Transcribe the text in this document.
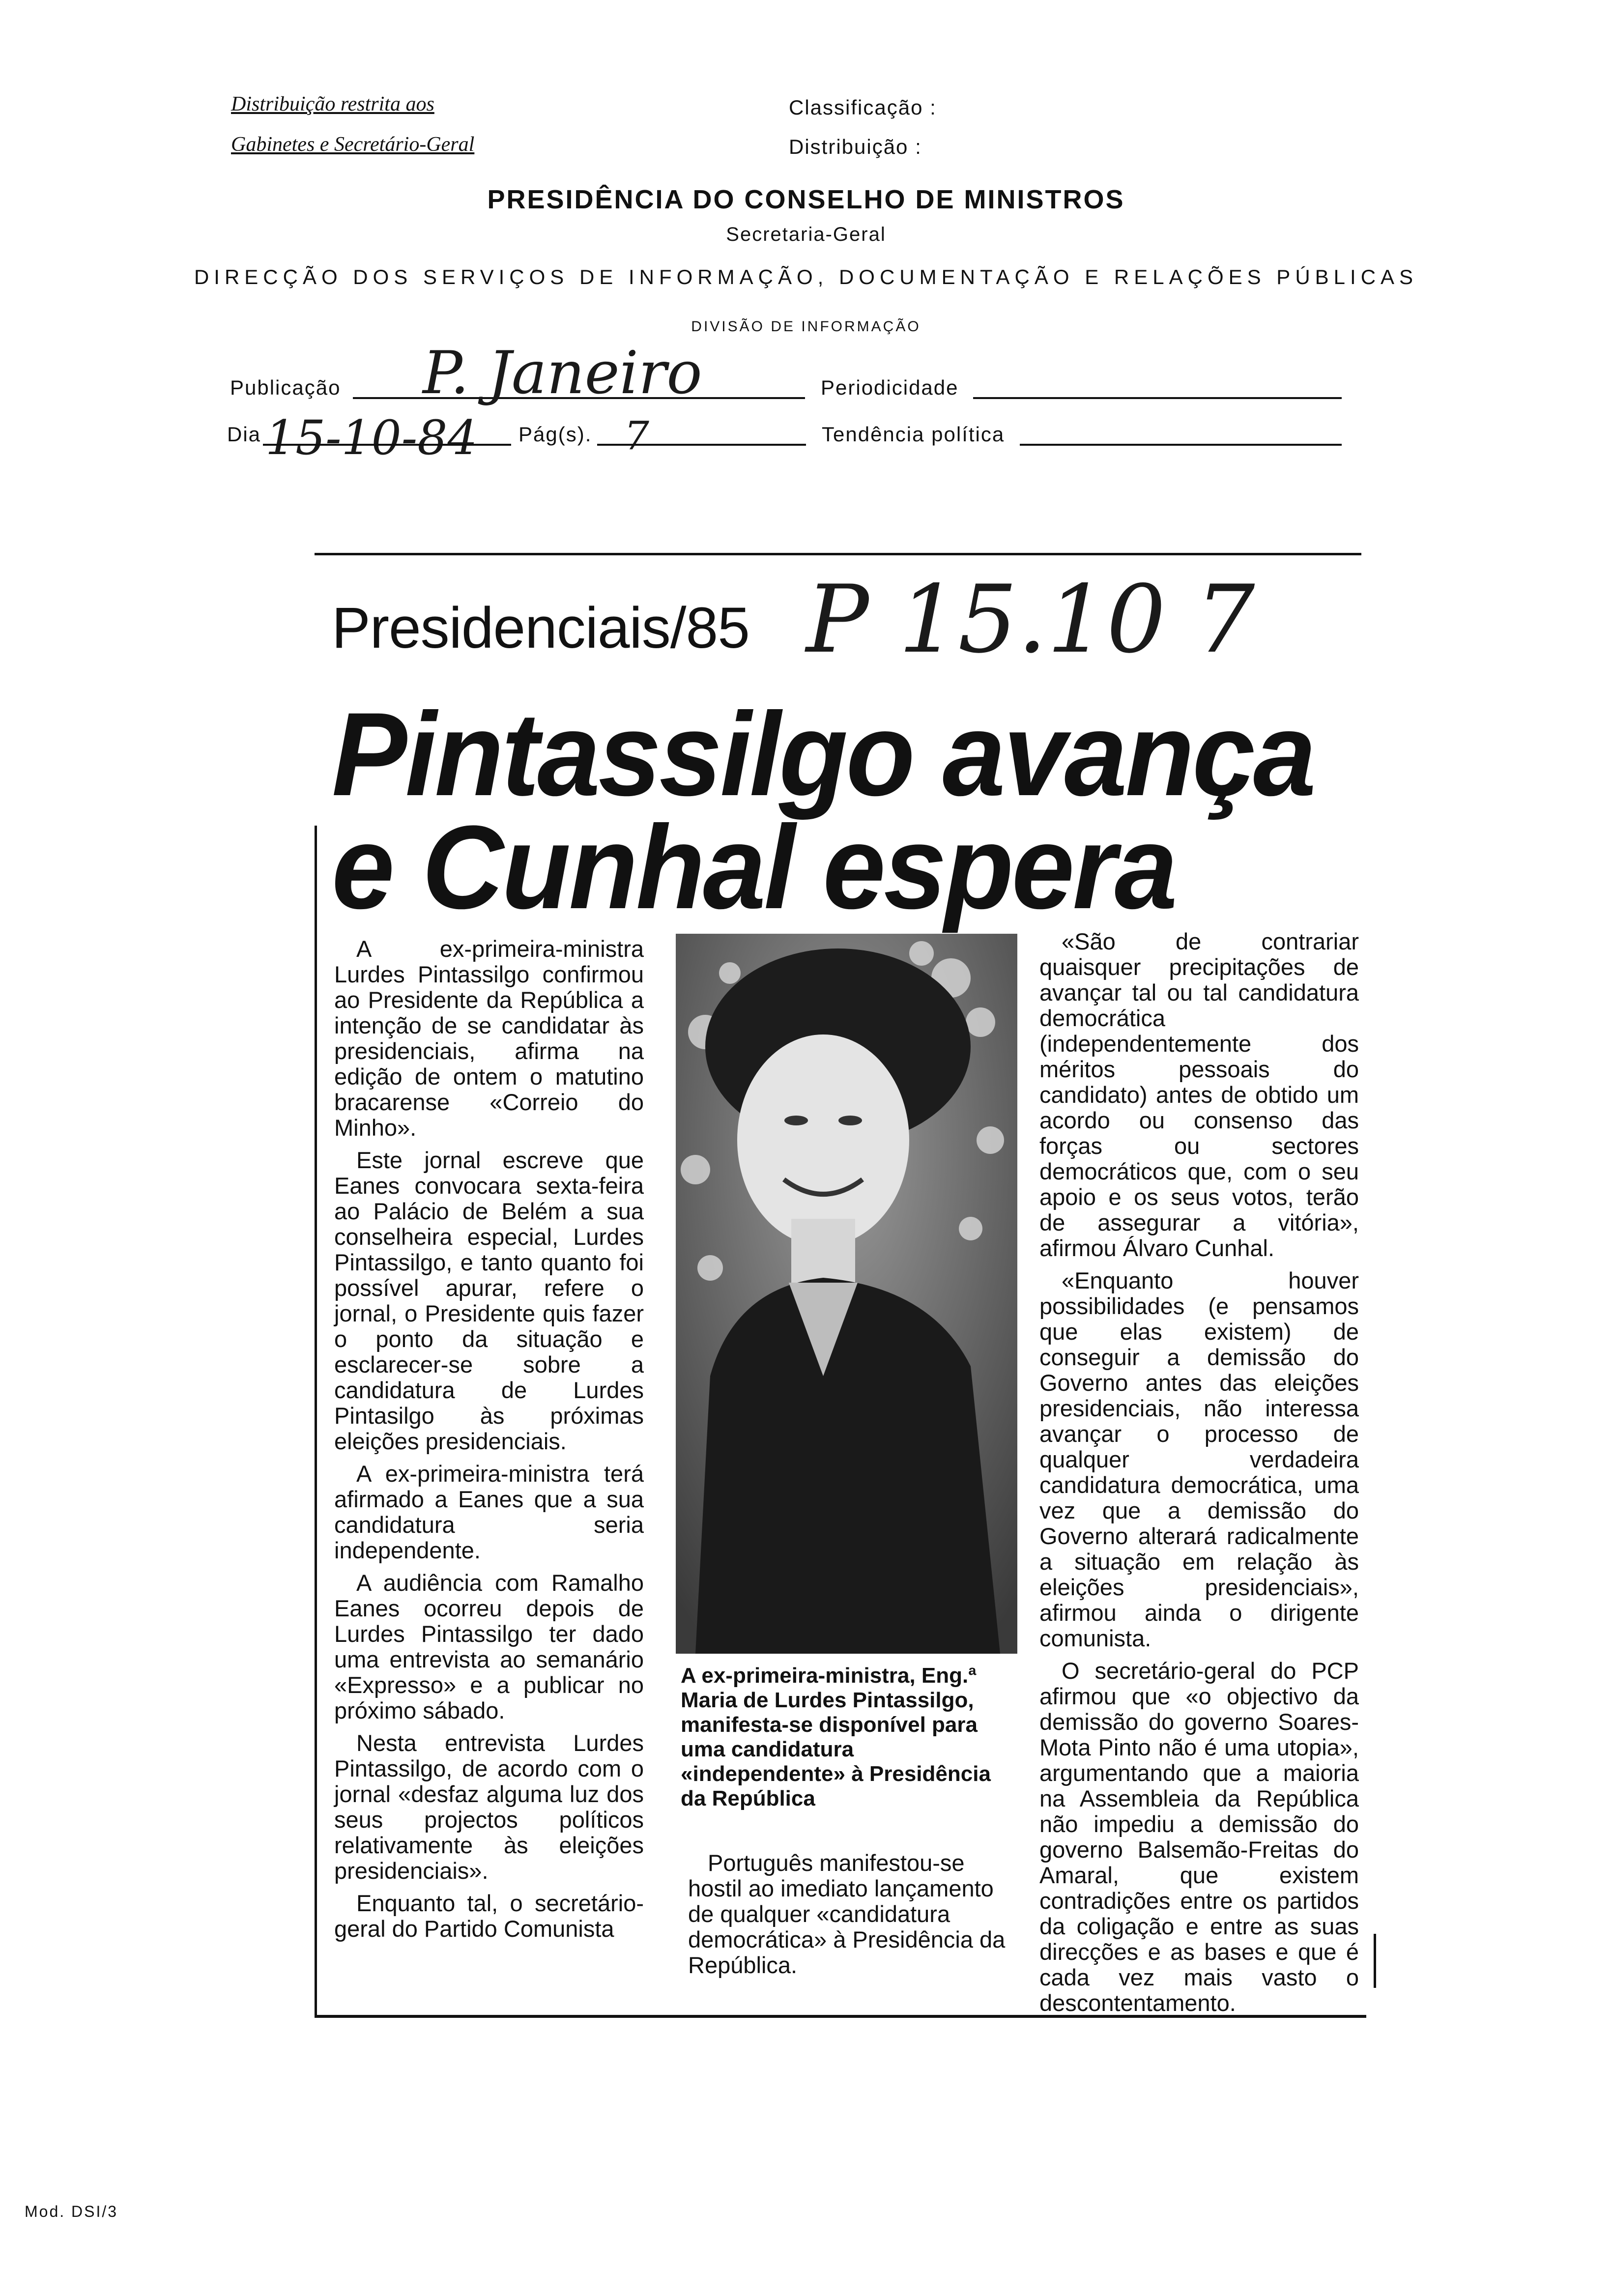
Distribuição restrita aos
Gabinetes e Secretário-Geral
Classificação :
Distribuição :
PRESIDÊNCIA DO CONSELHO DE MINISTROS
Secretaria-Geral
DIRECÇÃO DOS SERVIÇOS DE INFORMAÇÃO, DOCUMENTAÇÃO E RELAÇÕES PÚBLICAS
DIVISÃO DE INFORMAÇÃO
Publicação P. Janeiro	Periodicidade
Dia 15-10-84 Pág(s). 7	Tendência política
Presidenciais/85 P 15.10 7
Pintassilgo avança
e Cunhal espera

A ex-primeira-ministra Lurdes Pintassilgo confirmou ao Presidente da República a intenção de se candidatar às presidenciais, afirma na edição de ontem o matutino bracarense «Correio do Minho».

Este jornal escreve que Eanes convocara sexta-feira ao Palácio de Belém a sua conselheira especial, Lurdes Pintassilgo, e tanto quanto foi possível apurar, refere o jornal, o Presidente quis fazer o ponto da situação e esclarecer-se sobre a candidatura de Lurdes Pintasilgo às próximas eleições presidenciais.

A ex-primeira-ministra terá afirmado a Eanes que a sua candidatura seria independente.

A audiência com Ramalho Eanes ocorreu depois de Lurdes Pintassilgo ter dado uma entrevista ao semanário «Expresso» e a publicar no próximo sábado.

Nesta entrevista Lurdes Pintassilgo, de acordo com o jornal «desfaz alguma luz dos seus projectos políticos relativamente às eleições presidenciais».

Enquanto tal, o secretário-geral do Partido Comunista

A ex-primeira-ministra, Eng.ª Maria de Lurdes Pintassilgo, manifesta-se disponível para uma candidatura «independente» à Presidência da República
Português manifestou-se hostil ao imediato lançamento de qualquer «candidatura democrática» à Presidência da República.

«São de contrariar quaisquer precipitações de avançar tal ou tal candidatura democrática (independentemente dos méritos pessoais do candidato) antes de obtido um acordo ou consenso das forças ou sectores democráticos que, com o seu apoio e os seus votos, terão de assegurar a vitória», afirmou Álvaro Cunhal.

«Enquanto houver possibilidades (e pensamos que elas existem) de conseguir a demissão do Governo antes das eleições presidenciais, não interessa avançar o processo de qualquer verdadeira candidatura democrática, uma vez que a demissão do Governo alterará radicalmente a situação em relação às eleições presidenciais», afirmou ainda o dirigente comunista.

O secretário-geral do PCP afirmou que «o objectivo da demissão do governo Soares-Mota Pinto não é uma utopia», argumentando que a maioria na Assembleia da República não impediu a demissão do governo Balsemão-Freitas do Amaral, que existem contradições entre os partidos da coligação e entre as suas direcções e as bases e que é cada vez mais vasto o descontentamento.

Mod. DSI/3
